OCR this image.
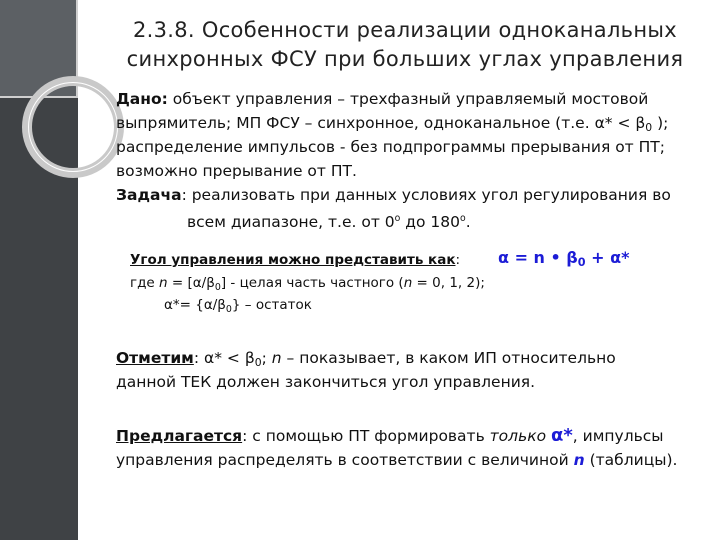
2.3.8. Особенности реализации одноканальных
синхронных ФСУ при больших углах управления
Дано: объект управления – трехфазный управляемый мостовой
выпрямитель; МП ФСУ – синхронное, одноканальное (т.е. $\alpha* < \beta_0$ );
распределение импульсов - без подпрограммы прерывания от ПТ;
возможно прерывание от ПТ.
Задача: реализовать при данных условиях угол регулирования во
всем диапазоне, т.е. от 0$^o$ до 180$^o$.
Угол управления можно представить как: α = n • $\beta_0 + \alpha*$
где $n = [\alpha/\beta_0]$ - целая часть частного (n = 0, 1, 2);
$\alpha*= \{\alpha/\beta_0\}$ – остаток
Отметим: $\alpha* < \beta_0$; n – показывает, в каком ИП относительно
данной ТЕК должен закончиться угол управления.
Предлагается: с помощью ПТ формировать только α*, импульсы
управления распределять в соответствии с величиной n (таблицы).
